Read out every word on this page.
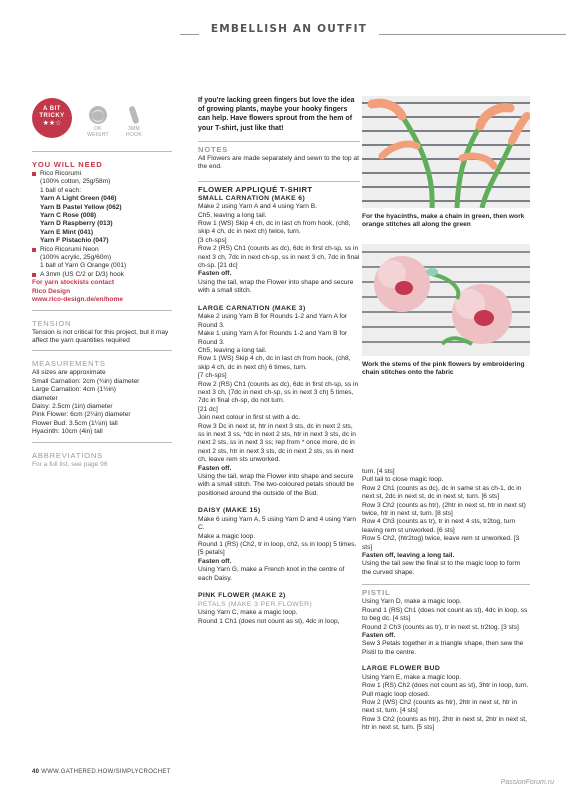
EMBELLISH AN OUTFIT
A BIT
TRICKY
★★☆
DK
WEIGHT
3MM
HOOK
YOU WILL NEED
Rico Ricorumi
(100% cotton, 25g/58m)
1 ball of each:
Yarn A Light Green (046)
Yarn B Pastel Yellow (062)
Yarn C Rose (008)
Yarn D Raspberry (013)
Yarn E Mint (041)
Yarn F Pistachio (047)
Rico Ricorumi Neon
(100% acrylic, 25g/60m)
1 ball of Yarn G Orange (001)
A 3mm (US C/2 or D/3) hook
For yarn stockists contact
Rico Design
www.rico-design.de/en/home
TENSION
Tension is not critical for this project, but it may affect the yarn quantities required
MEASUREMENTS
All sizes are approximate
Small Carnation: 2cm (¾in) diameter
Large Carnation: 4cm (1½in)
diameter
Daisy: 2.5cm (1in) diameter
Pink Flower: 6cm (2¼in) diameter
Flower Bud: 3.5cm (1¼in) tall
Hyacinth: 10cm (4in) tall
ABBREVIATIONS
For a full list, see page 96

If you're lacking green fingers but love the idea of growing plants, maybe your hooky fingers can help. Have flowers sprout from the hem of your T-shirt, just like that!

NOTES

All Flowers are made separately and sewn to the top at the end.

FLOWER APPLIQUÉ T-SHIRT
SMALL CARNATION (MAKE 6)

Make 2 using Yarn A and 4 using Yarn B.

Ch5, leaving a long tail.

Row 1 (WS) Skip 4 ch, dc in last ch from hook, (ch8, skip 4 ch, dc in next ch) twice, turn.

[3 ch-sps]

Row 2 (RS) Ch1 (counts as dc), 6dc in first ch-sp, ss in next 3 ch, 7dc in next ch-sp, ss in next 3 ch, 7dc in final ch-sp. [21 dc]

Fasten off.

Using the tail, wrap the Flower into shape and secure with a small stitch.

LARGE CARNATION (MAKE 3)

Make 2 using Yarn B for Rounds 1-2 and Yarn A for Round 3.

Make 1 using Yarn A for Rounds 1-2 and Yarn B for Round 3.

Ch5, leaving a long tail.

Row 1 (WS) Skip 4 ch, dc in last ch from hook, (ch8, skip 4 ch, dc in next ch) 6 times, turn.

[7 ch-sps]

Row 2 (RS) Ch1 (counts as dc), 6dc in first ch-sp, ss in next 3 ch, (7dc in next ch-sp, ss in next 3 ch) 5 times, 7dc in final ch-sp, do not turn.

[21 dc]

Join next colour in first st with a dc.

Row 3 Dc in next st, htr in next 3 sts, dc in next 2 sts, ss in next 3 ss, *dc in next 2 sts, htr in next 3 sts, dc in next 2 sts, ss in next 3 ss; rep from * once more, dc in next 2 sts, htr in next 3 sts, dc in next 2 sts, ss in next ch, leave rem sts unworked.

Fasten off.

Using the tail, wrap the Flower into shape and secure with a small stitch. The two-coloured petals should be positioned around the outside of the Bud.

DAISY (MAKE 15)

Make 6 using Yarn A, 5 using Yarn D and 4 using Yarn C.

Make a magic loop.

Round 1 (RS) (Ch2, tr in loop, ch2, ss in loop) 5 times. [5 petals]

Fasten off.

Using Yarn G, make a French knot in the centre of each Daisy.

PINK FLOWER (MAKE 2)
PETALS (MAKE 3 PER FLOWER)

Using Yarn C, make a magic loop.

Round 1 Ch1 (does not count as st), 4dc in loop,

For the hyacinths, make a chain in green, then work orange stitches all along the green
Work the stems of the pink flowers by embroidering chain stitches onto the fabric

turn. [4 sts]

Pull tail to close magic loop.

Row 2 Ch1 (counts as dc), dc in same st as ch-1, dc in next st, 2dc in next st, dc in next st, turn. [6 sts]

Row 3 Ch2 (counts as htr), (2htr in next st, htr in next st) twice, htr in next st, turn. [8 sts]

Row 4 Ch3 (counts as tr), tr in next 4 sts, tr2tog, turn leaving rem st unworked. [6 sts]

Row 5 Ch2, (htr2tog) twice, leave rem st unworked. [3 sts]

Fasten off, leaving a long tail.

Using the tail sew the final st to the magic loop to form the curved shape.

PISTIL

Using Yarn D, make a magic loop.

Round 1 (RS) Ch1 (does not count as st), 4dc in loop, ss to beg dc. [4 sts]

Round 2 Ch3 (counts as tr), tr in next st, tr2tog. [3 sts]

Fasten off.

Sew 3 Petals together in a triangle shape, then sew the Pistil to the centre.

LARGE FLOWER BUD

Using Yarn E, make a magic loop.

Row 1 (RS) Ch2 (does not count as st), 3htr in loop, turn.

Pull magic loop closed.

Row 2 (WS) Ch2 (counts as htr), 2htr in next st, htr in next st, turn. [4 sts]

Row 3 Ch2 (counts as htr), 2htr in next st, 2htr in next st, htr in next st, turn. [5 sts]

40 WWW.GATHERED.HOW/SIMPLYCROCHET
PassionForum.ru
